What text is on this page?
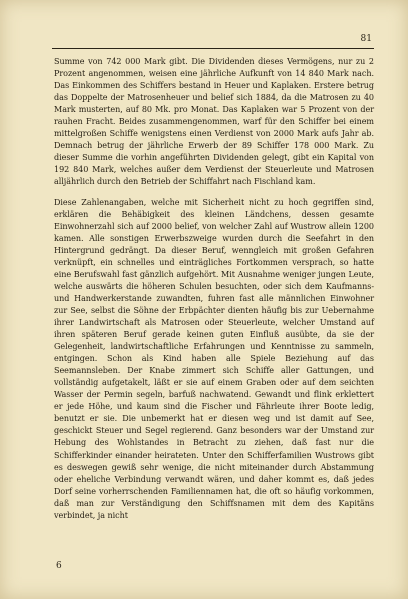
81

Summe von 742 000 Mark gibt. Die Dividenden dieses Vermögens, nur zu 2 Prozent angenommen, weisen eine jährliche Aufkunft von 14 840 Mark nach. Das Einkommen des Schiffers bestand in Heuer und Kaplaken. Erstere betrug das Doppelte der Matrosenheuer und belief sich 1884, da die Matrosen zu 40 Mark musterten, auf 80 Mk. pro Monat. Das Kaplaken war 5 Prozent von der rauhen Fracht. Beides zusammengenommen, warf für den Schiffer bei einem mittelgroßen Schiffe wenigstens einen Verdienst von 2000 Mark aufs Jahr ab. Demnach betrug der jährliche Erwerb der 89 Schiffer 178 000 Mark. Zu dieser Summe die vorhin angeführten Dividenden gelegt, gibt ein Kapital von 192 840 Mark, welches außer dem Verdienst der Steuerleute und Matrosen alljährlich durch den Betrieb der Schiffahrt nach Fischland kam.

Diese Zahlenangaben, welche mit Sicherheit nicht zu hoch gegriffen sind, erklären die Behäbigkeit des kleinen Ländchens, dessen gesamte Einwohnerzahl sich auf 2000 belief, von welcher Zahl auf Wustrow allein 1200 kamen. Alle sonstigen Erwerbszweige wurden durch die Seefahrt in den Hintergrund gedrängt. Da dieser Beruf, wenngleich mit großen Gefahren verknüpft, ein schnelles und einträgliches Fortkommen versprach, so hatte eine Berufswahl fast gänzlich aufgehört. Mit Ausnahme weniger jungen Leute, welche auswärts die höheren Schulen besuchten, oder sich dem Kaufmanns- und Handwerkerstande zuwandten, fuhren fast alle männlichen Einwohner zur See, selbst die Söhne der Erbpächter dienten häufig bis zur Uebernahme ihrer Landwirtschaft als Matrosen oder Steuerleute, welcher Umstand auf ihren späteren Beruf gerade keinen guten Einfluß ausübte, da sie der Gelegenheit, landwirtschaftliche Erfahrungen und Kenntnisse zu sammeln, entgingen. Schon als Kind haben alle Spiele Beziehung auf das Seemannsleben. Der Knabe zimmert sich Schiffe aller Gattungen, und vollständig aufgetakelt, läßt er sie auf einem Graben oder auf dem seichten Wasser der Permin segeln, barfuß nachwatend. Gewandt und flink erklettert er jede Höhe, und kaum sind die Fischer und Fährleute ihrer Boote ledig, benutzt er sie. Die unbemerkt hat er diesen weg und ist damit auf See, geschickt Steuer und Segel regierend. Ganz besonders war der Umstand zur Hebung des Wohlstandes in Betracht zu ziehen, daß fast nur die Schifferkinder einander heirateten. Unter den Schifferfamilien Wustrows gibt es deswegen gewiß sehr wenige, die nicht miteinander durch Abstammung oder eheliche Verbindung verwandt wären, und daher kommt es, daß jedes Dorf seine vorherrschenden Familiennamen hat, die oft so häufig vorkommen, daß man zur Verständigung den Schiffsnamen mit dem des Kapitäns verbindet, ja nicht

6
